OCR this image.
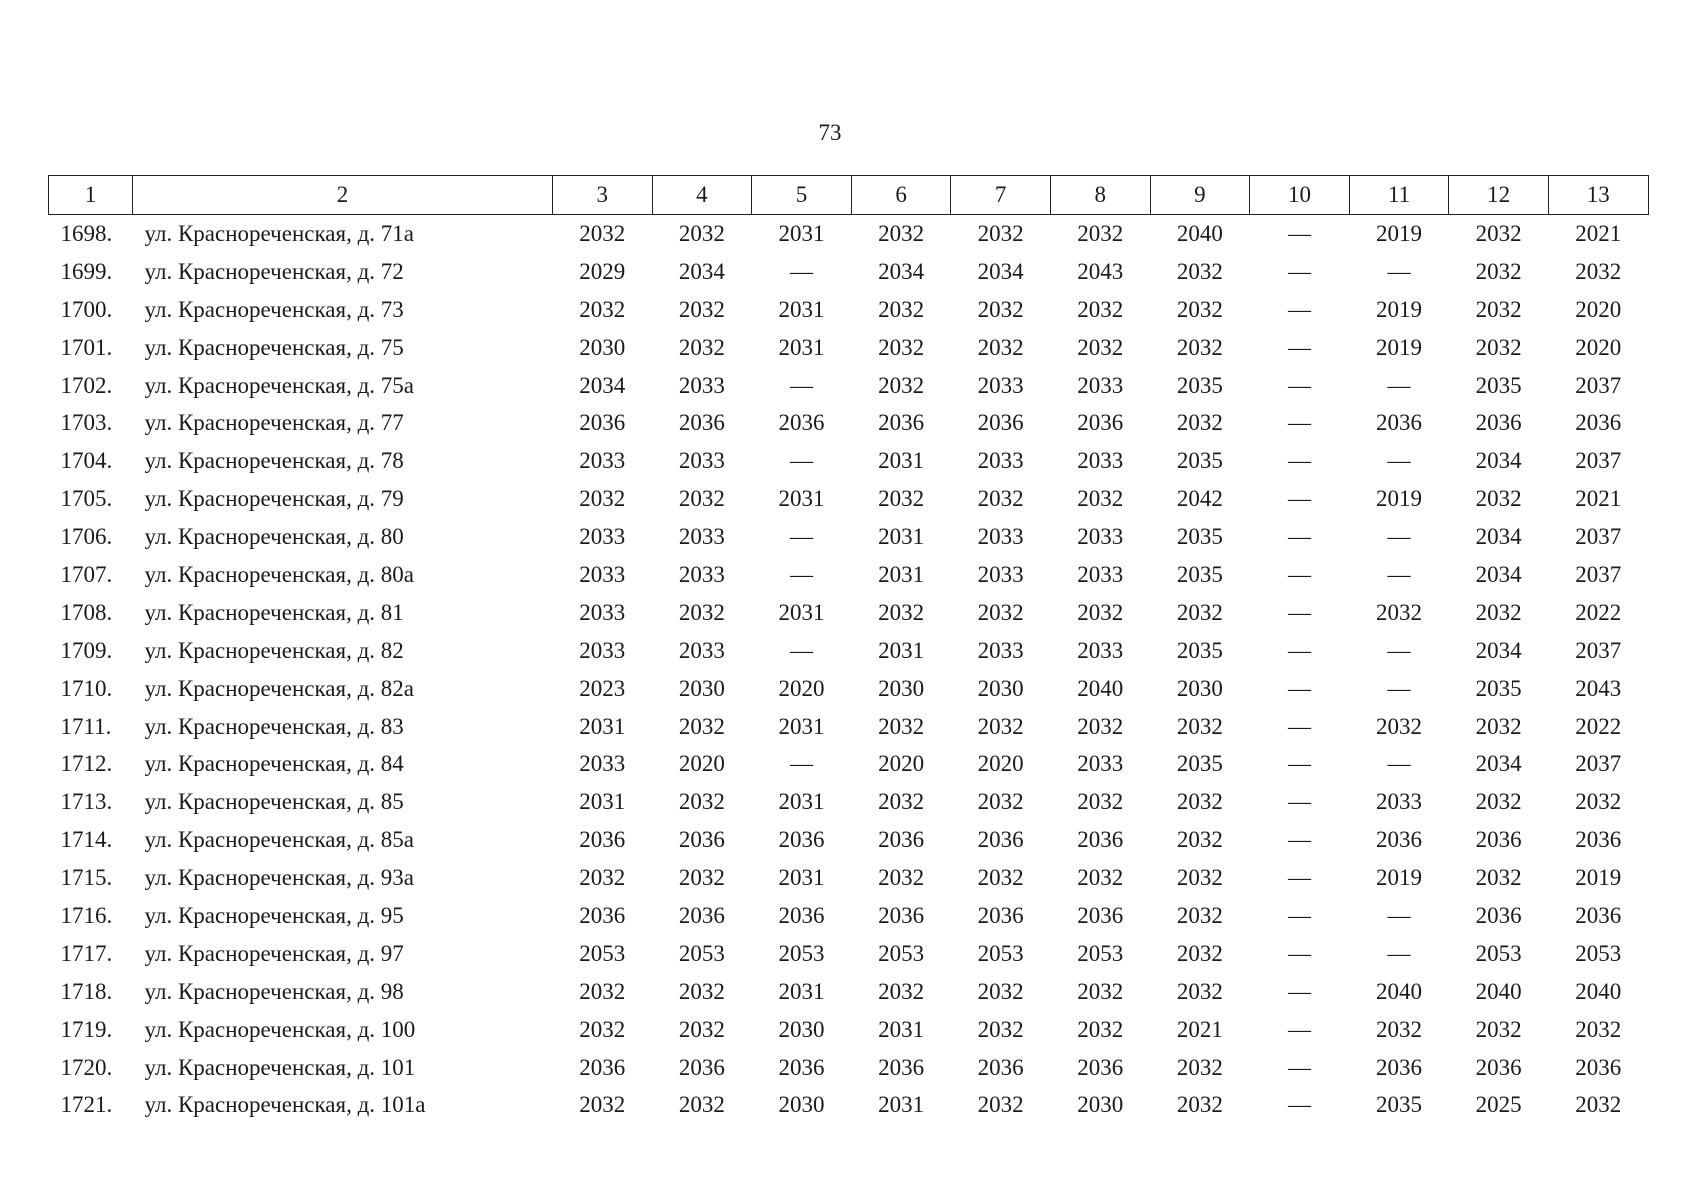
73
1	2	3	4	5	6	7	8	9	10	11	12	13
1698.	ул. Краснореченская, д. 71а	2032	2032	2031	2032	2032	2032	2040	—	2019	2032	2021
1699.	ул. Краснореченская, д. 72	2029	2034	—	2034	2034	2043	2032	—	—	2032	2032
1700.	ул. Краснореченская, д. 73	2032	2032	2031	2032	2032	2032	2032	—	2019	2032	2020
1701.	ул. Краснореченская, д. 75	2030	2032	2031	2032	2032	2032	2032	—	2019	2032	2020
1702.	ул. Краснореченская, д. 75а	2034	2033	—	2032	2033	2033	2035	—	—	2035	2037
1703.	ул. Краснореченская, д. 77	2036	2036	2036	2036	2036	2036	2032	—	2036	2036	2036
1704.	ул. Краснореченская, д. 78	2033	2033	—	2031	2033	2033	2035	—	—	2034	2037
1705.	ул. Краснореченская, д. 79	2032	2032	2031	2032	2032	2032	2042	—	2019	2032	2021
1706.	ул. Краснореченская, д. 80	2033	2033	—	2031	2033	2033	2035	—	—	2034	2037
1707.	ул. Краснореченская, д. 80а	2033	2033	—	2031	2033	2033	2035	—	—	2034	2037
1708.	ул. Краснореченская, д. 81	2033	2032	2031	2032	2032	2032	2032	—	2032	2032	2022
1709.	ул. Краснореченская, д. 82	2033	2033	—	2031	2033	2033	2035	—	—	2034	2037
1710.	ул. Краснореченская, д. 82а	2023	2030	2020	2030	2030	2040	2030	—	—	2035	2043
1711.	ул. Краснореченская, д. 83	2031	2032	2031	2032	2032	2032	2032	—	2032	2032	2022
1712.	ул. Краснореченская, д. 84	2033	2020	—	2020	2020	2033	2035	—	—	2034	2037
1713.	ул. Краснореченская, д. 85	2031	2032	2031	2032	2032	2032	2032	—	2033	2032	2032
1714.	ул. Краснореченская, д. 85а	2036	2036	2036	2036	2036	2036	2032	—	2036	2036	2036
1715.	ул. Краснореченская, д. 93а	2032	2032	2031	2032	2032	2032	2032	—	2019	2032	2019
1716.	ул. Краснореченская, д. 95	2036	2036	2036	2036	2036	2036	2032	—	—	2036	2036
1717.	ул. Краснореченская, д. 97	2053	2053	2053	2053	2053	2053	2032	—	—	2053	2053
1718.	ул. Краснореченская, д. 98	2032	2032	2031	2032	2032	2032	2032	—	2040	2040	2040
1719.	ул. Краснореченская, д. 100	2032	2032	2030	2031	2032	2032	2021	—	2032	2032	2032
1720.	ул. Краснореченская, д. 101	2036	2036	2036	2036	2036	2036	2032	—	2036	2036	2036
1721.	ул. Краснореченская, д. 101а	2032	2032	2030	2031	2032	2030	2032	—	2035	2025	2032
